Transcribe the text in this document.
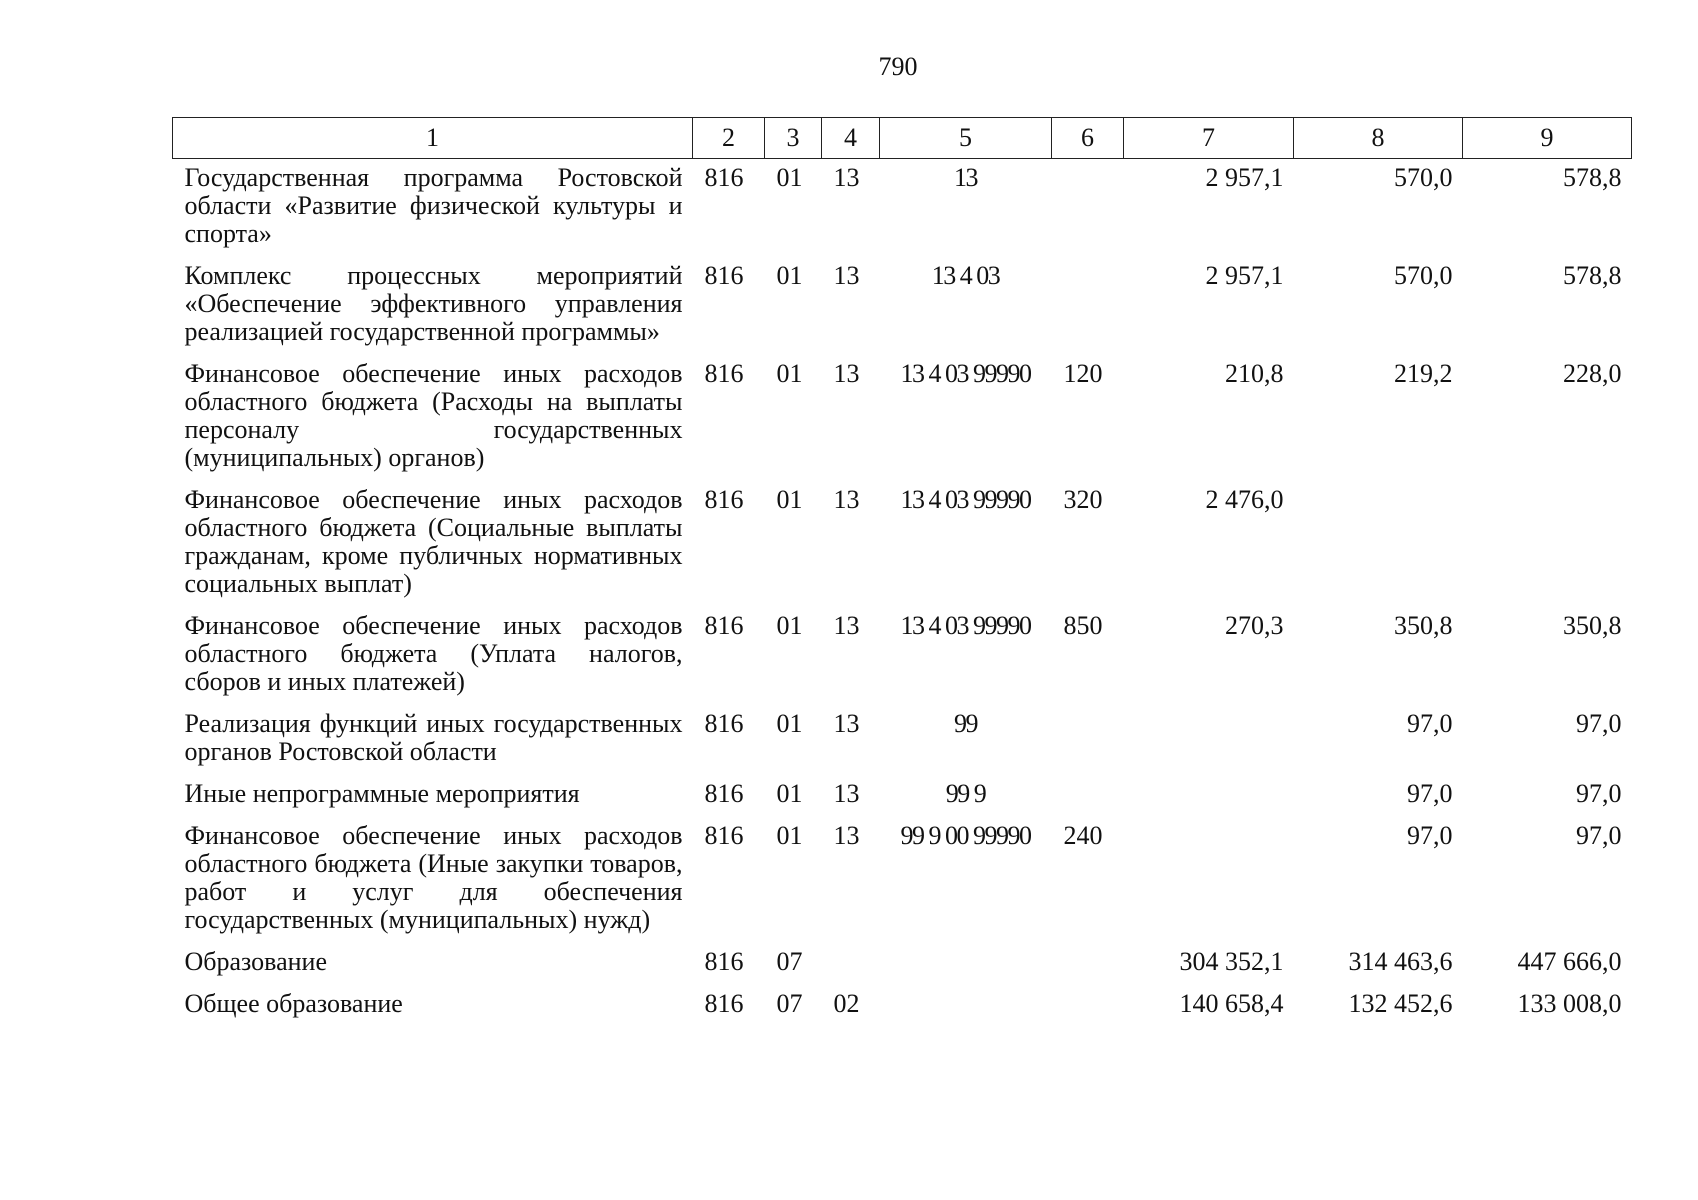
790
1	2	3	4	5	6	7	8	9
Государственная программа Ростовской области «Развитие физической культуры и спорта»	816	01	13	13		2 957,1	570,0	578,8
Комплекс процессных мероприятий «Обеспечение эффективного управления реализацией государственной программы»	816	01	13	13 4 03		2 957,1	570,0	578,8
Финансовое обеспечение иных расходов областного бюджета (Расходы на выплаты персоналу государственных (муниципальных) органов)	816	01	13	13 4 03 99990	120	210,8	219,2	228,0
Финансовое обеспечение иных расходов областного бюджета (Социальные выплаты гражданам, кроме публичных нормативных социальных выплат)	816	01	13	13 4 03 99990	320	2 476,0		
Финансовое обеспечение иных расходов областного бюджета (Уплата налогов, сборов и иных платежей)	816	01	13	13 4 03 99990	850	270,3	350,8	350,8
Реализация функций иных государственных органов Ростовской области	816	01	13	99			97,0	97,0
Иные непрограммные мероприятия	816	01	13	99 9			97,0	97,0
Финансовое обеспечение иных расходов областного бюджета (Иные закупки товаров, работ и услуг для обеспечения государственных (муниципальных) нужд)	816	01	13	99 9 00 99990	240		97,0	97,0
Образование	816	07				304 352,1	314 463,6	447 666,0
Общее образование	816	07	02			140 658,4	132 452,6	133 008,0
